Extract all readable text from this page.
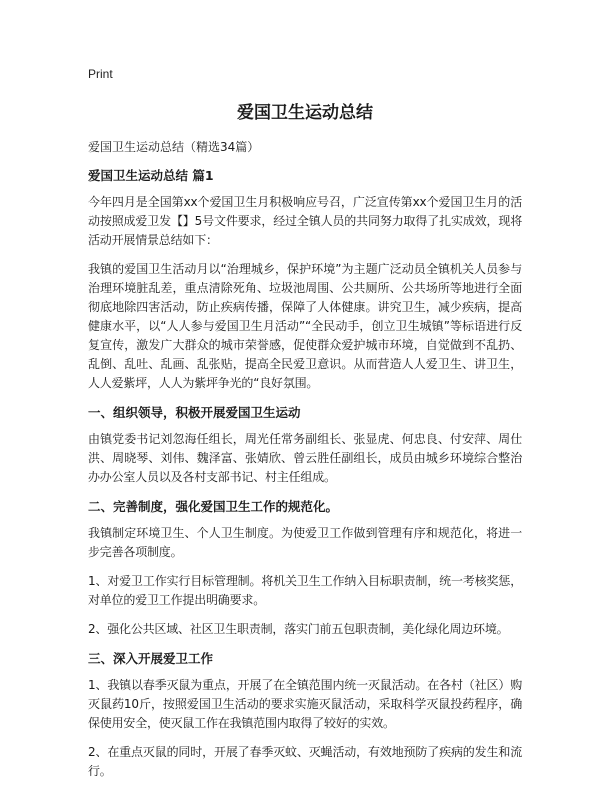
Print
爱国卫生运动总结

爱国卫生运动总结（精选34篇）

爱国卫生运动总结 篇1

今年四月是全国第xx个爱国卫生月积极响应号召，广泛宣传第xx个爱国卫生月的活动按照成爱卫发【】5号文件要求，经过全镇人员的共同努力取得了扎实成效，现将活动开展情景总结如下：

我镇的爱国卫生活动月以“治理城乡，保护环境”为主题广泛动员全镇机关人员参与治理环境脏乱差，重点清除死角、垃圾池周围、公共厕所、公共场所等地进行全面彻底地除四害活动，防止疾病传播，保障了人体健康。讲究卫生，减少疾病，提高健康水平，以“人人参与爱国卫生月活动”“全民动手，创立卫生城镇”等标语进行反复宣传，激发广大群众的城市荣誉感，促使群众爱护城市环境，自觉做到不乱扔、乱倒、乱吐、乱画、乱张贴，提高全民爱卫意识。从而营造人人爱卫生、讲卫生，人人爱紫坪，人人为紫坪争光的“良好氛围。

一、组织领导，积极开展爱国卫生运动

由镇党委书记刘忽海任组长，周光任常务副组长、张显虎、何忠良、付安萍、周仕洪、周晓琴、刘伟、魏泽富、张婧欣、曾云胜任副组长，成员由城乡环境综合整治办办公室人员以及各村支部书记、村主任组成。

二、完善制度，强化爱国卫生工作的规范化。

我镇制定环境卫生、个人卫生制度。为使爱卫工作做到管理有序和规范化，将进一步完善各项制度。

1、对爱卫工作实行目标管理制。将机关卫生工作纳入目标职责制，统一考核奖惩，对单位的爱卫工作提出明确要求。

2、强化公共区域、社区卫生职责制，落实门前五包职责制，美化绿化周边环境。

三、深入开展爱卫工作

1、我镇以春季灭鼠为重点，开展了在全镇范围内统一灭鼠活动。在各村（社区）购灭鼠药10斤，按照爱国卫生活动的要求实施灭鼠活动，采取科学灭鼠投药程序，确保使用安全，使灭鼠工作在我镇范围内取得了较好的实效。

2、在重点灭鼠的同时，开展了春季灭蚊、灭蝇活动，有效地预防了疾病的发生和流行。
